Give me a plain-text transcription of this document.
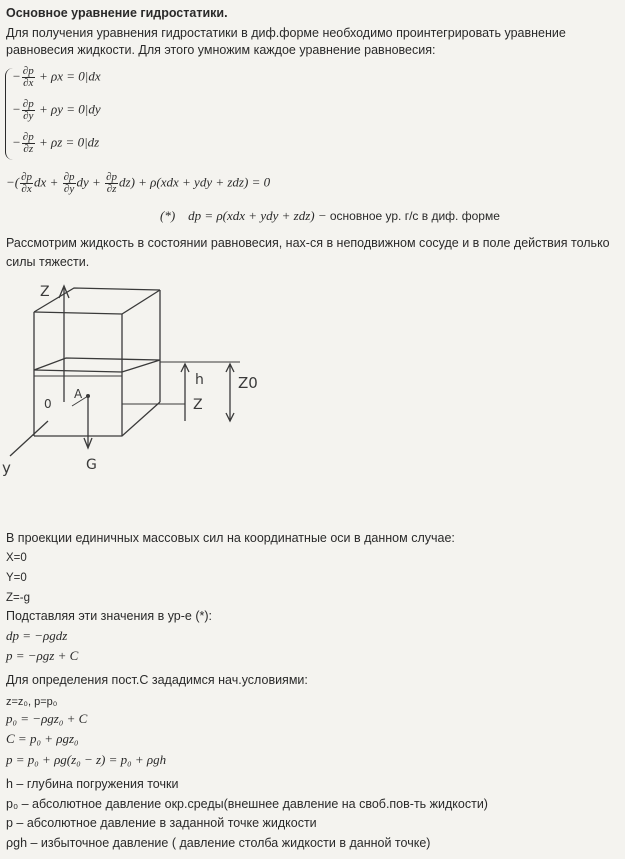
Основное уравнение гидростатики.
Для получения уравнения гидростатики в диф.форме необходимо проинтегрировать уравнение
равновесия жидкости. Для этого умножим каждое уравнение равновесия:
− $\frac{\partial p}{\partial x} + \rho x = 0|dx$
− $\frac{\partial p}{\partial y} + \rho y = 0|dy$
− $\frac{\partial p}{\partial z} + \rho z = 0|dz$
−( $\frac{\partial p}{\partial x}$ dx + $\frac{\partial p}{\partial y}$ dy + $\frac{\partial p}{\partial z} dz) + \rho(xdx$ + ydy + zdz) = 0
(*) dp = ρ(xdx + ydy + zdz) − основное ур. г/с в диф. форме
Рассмотрим жидкость в состоянии равновесия, нах-ся в неподвижном сосуде и в поле действия только
силы тяжести.
Z
y
h
Z
Z0
0
A
G
В проекции единичных массовых сил на координатные оси в данном случае:
X=0
Y=0
Z=-g
Подставляя эти значения в ур-е (*):
dp = −ρgdz
p = −ρgz + C
Для определения пост.С зададимся нач.условиями:
z=z₀, p=p₀
p₀ = −ρgz₀ + C
C = p₀ + ρgz₀
p = p₀ + ρg(z₀ − z) = p₀ + ρgh
h – глубина погружения точки
p₀ – абсолютное давление окр.среды(внешнее давление на своб.пов-ть жидкости)
p – абсолютное давление в заданной точке жидкости
ρgh – избыточное давление ( давление столба жидкости в данной точке)
